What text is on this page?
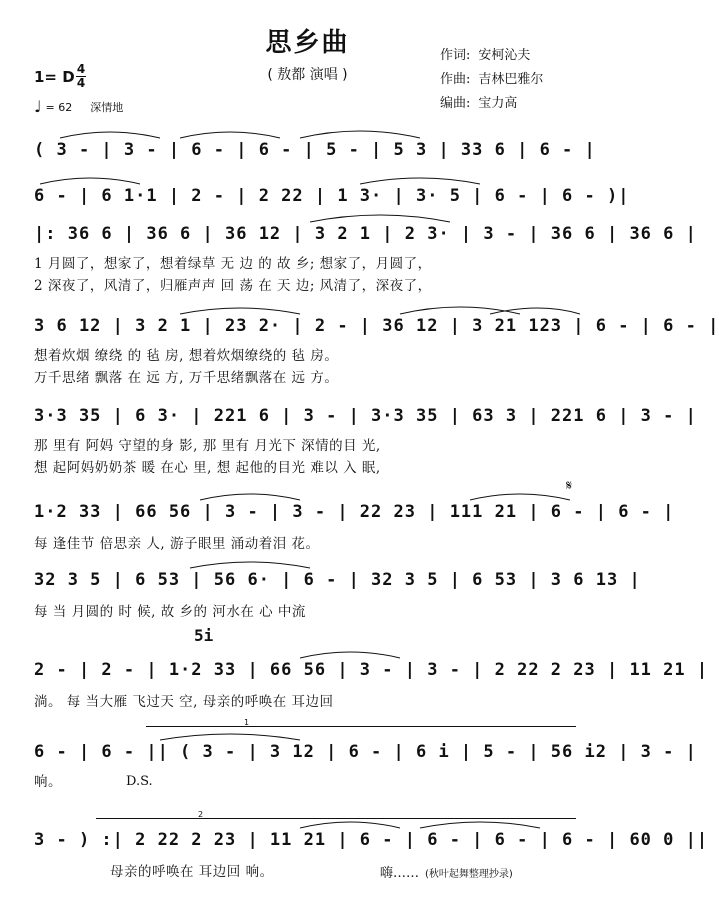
思乡曲
( 敖都 演唱 )
作词: 安柯沁夫
作曲: 吉林巴雅尔
编曲: 宝力高
1= D 4
4
♩ = 62 深情地
( 3 - | 3 - | 6 - | 6 - | 5 - | 5 3 | 33 6 | 6 - |
6 - | 6 1·1 | 2 - | 2 22 | 1 3· | 3· 5 | 6 - | 6 - )|
|: 36 6 | 36 6 | 36 12 | 3 2 1 | 2 3· | 3 - | 36 6 | 36 6 |
1 月圆了，想家了，想着绿草 无 边 的 故 乡; 想家了，月圆了，
2 深夜了，风清了，归雁声声 回 荡 在 天 边; 风清了，深夜了，
3 6 12 | 3 2 1 | 23 2· | 2 - | 36 12 | 3 21 123 | 6 - | 6 - |
想着炊烟 缭绕 的 毡 房, 想着炊烟缭绕的 毡 房。
万千思绪 飘落 在 远 方, 万千思绪飘落在 远 方。
3·3 35 | 6 3· | 221 6 | 3 - | 3·3 35 | 63 3 | 221 6 | 3 - |
那 里有 阿妈 守望的身 影, 那 里有 月光下 深情的目 光,
想 起阿妈奶奶茶 暖 在心 里, 想 起他的目光 难以 入 眠,
𝄋
1·2 33 | 66 56 | 3 - | 3 - | 22 23 | 111 21 | 6 - | 6 - |
每 逢佳节 倍思亲 人, 游子眼里 涌动着泪 花。
32 3 5 | 6 53 | 56 6· | 6 - | 32 3 5 | 6 53 | 3 6 13 |
每 当 月圆的 时 候, 故 乡的 河水在 心 中流
5i
2 - | 2 - | 1·2 33 | 66 56 | 3 - | 3 - | 2 22 2 23 | 11 21 |
淌。 每 当大雁 飞过天 空, 母亲的呼唤在 耳边回
1
6 - | 6 - || ( 3 - | 3 12 | 6 - | 6 i | 5 - | 56 i2 | 3 - |
响。	D.S.
2
3 - ) :| 2 22 2 23 | 11 21 | 6 - | 6 - | 6 - | 6 - | 60 0 ||
母亲的呼唤在 耳边回 响。	嗨…… (秋叶起舞整理抄录)
